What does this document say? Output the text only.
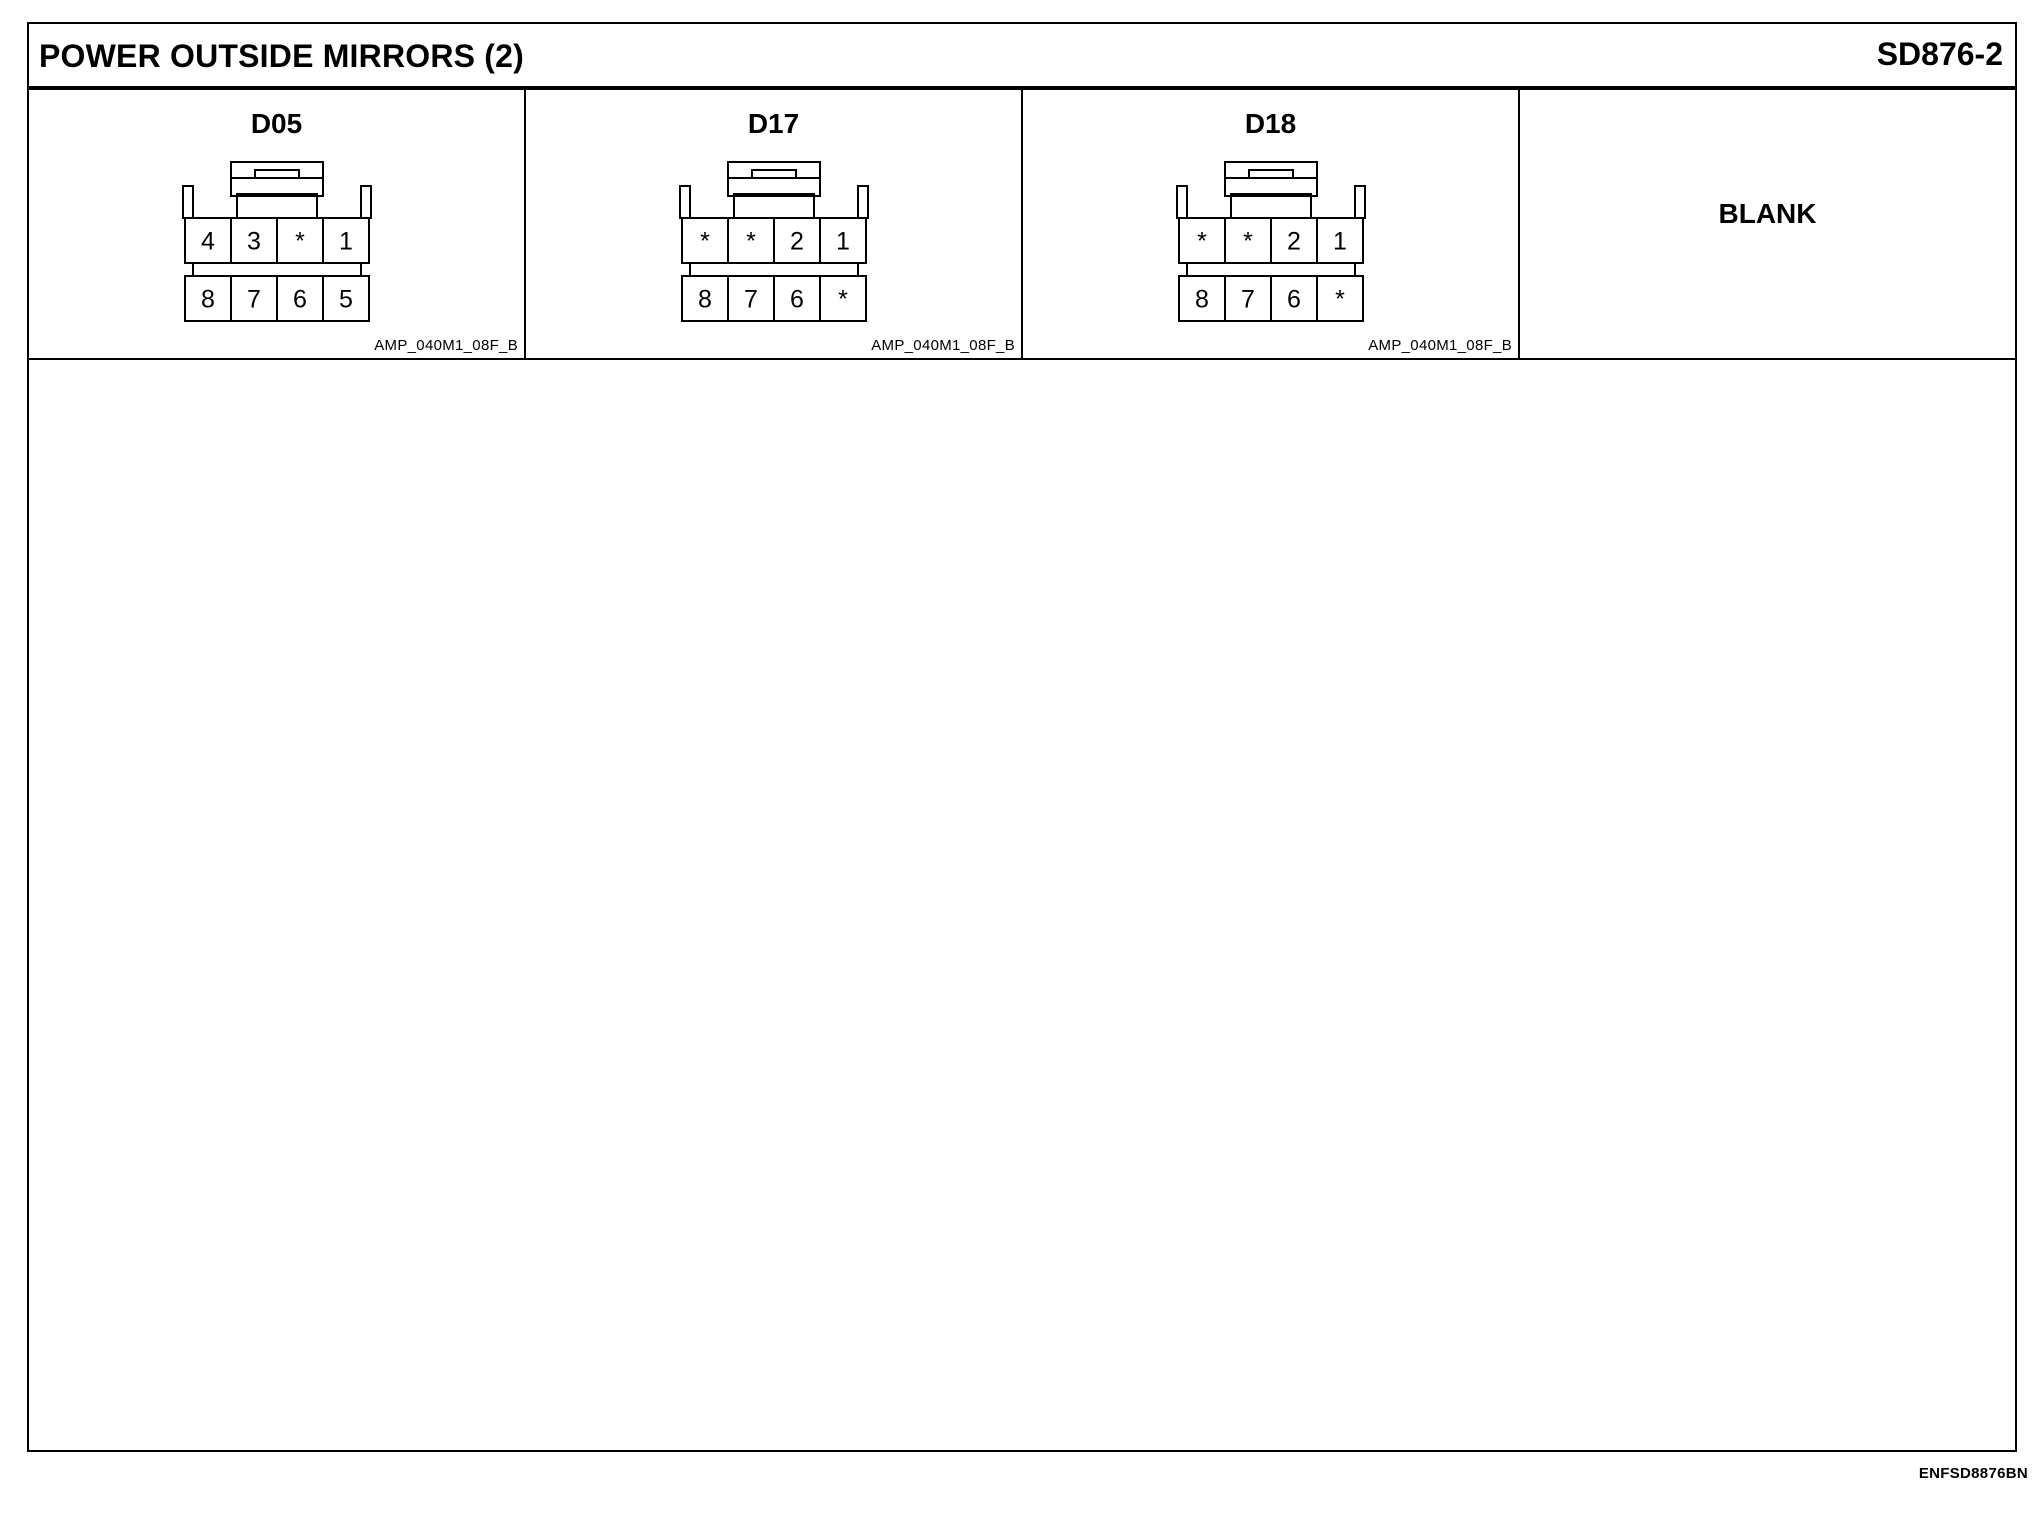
POWER OUTSIDE MIRRORS (2)	SD876-2
D05
4 3 * 1
8 7 6 5
AMP_040M1_08F_B
D17
* * 2 1
8 7 6 *
AMP_040M1_08F_B
D18
* * 2 1
8 7 6 *
AMP_040M1_08F_B
BLANK
ENFSD8876BN
